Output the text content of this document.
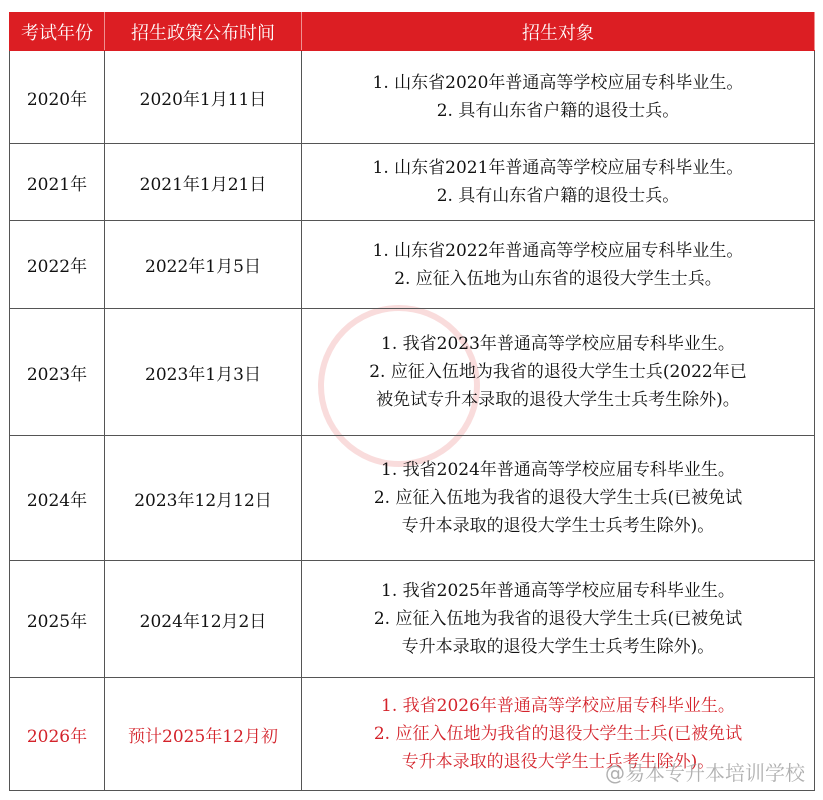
考试年份	招生政策公布时间	招生对象
2020年	2020年1月11日	1. 山东省2020年普通高等学校应届专科毕业生。
2. 具有山东省户籍的退役士兵。

2021年	2021年1月21日	1. 山东省2021年普通高等学校应届专科毕业生。
2. 具有山东省户籍的退役士兵。

2022年	2022年1月5日	1. 山东省2022年普通高等学校应届专科毕业生。
2. 应征入伍地为山东省的退役大学生士兵。

2023年	2023年1月3日	1. 我省2023年普通高等学校应届专科毕业生。
2. 应征入伍地为我省的退役大学生士兵(2022年已
被免试专升本录取的退役大学生士兵考生除外)。

2024年	2023年12月12日	1. 我省2024年普通高等学校应届专科毕业生。
2. 应征入伍地为我省的退役大学生士兵(已被免试
专升本录取的退役大学生士兵考生除外)。

2025年	2024年12月2日	1. 我省2025年普通高等学校应届专科毕业生。
2. 应征入伍地为我省的退役大学生士兵(已被免试
专升本录取的退役大学生士兵考生除外)。

2026年	预计2025年12月初	1. 我省2026年普通高等学校应届专科毕业生。
2. 应征入伍地为我省的退役大学生士兵(已被免试
专升本录取的退役大学生士兵考生除外)。
@易本专升本培训学校
